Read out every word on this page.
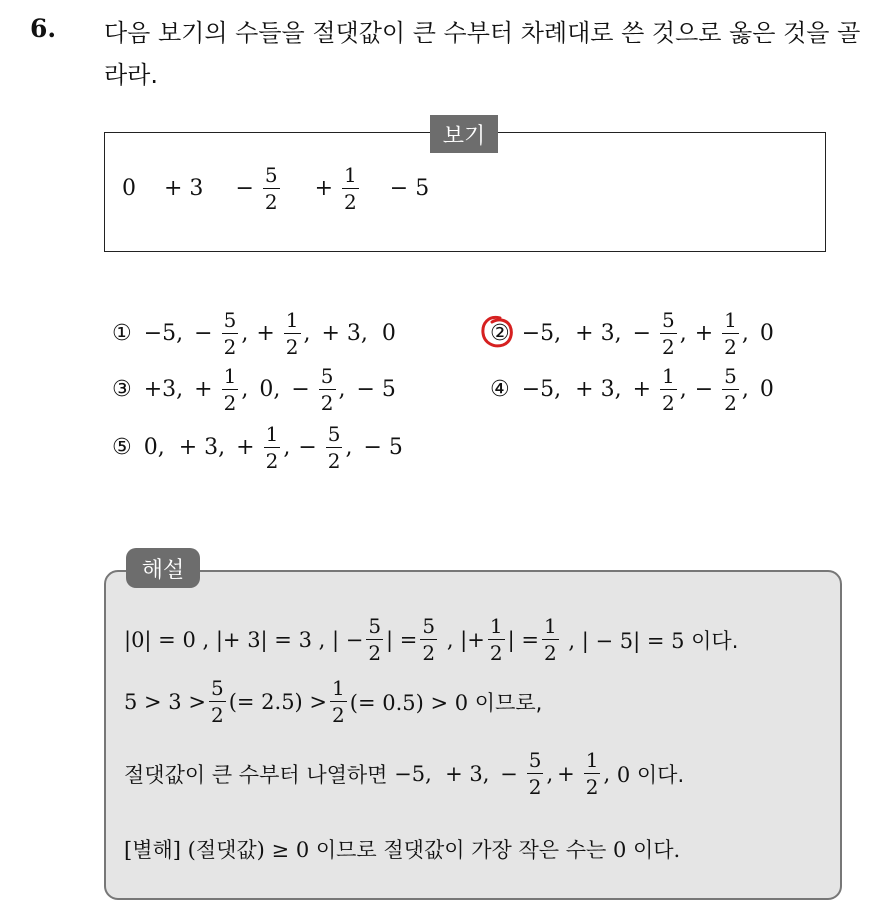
6. 다음 보기의 수들을 절댓값이 큰 수부터 차례대로 쓴 것으로 옳은 것을 골라라.
보기
$0 + 3 - \frac{5}{2} + \frac{1}{2} - 5$
① −5,
− $\frac{5}{2}$ , + $\frac{1}{2}$ , + 3,  0	② −5,  + 3,
− $\frac{5}{2}$ , + $\frac{1}{2}$ , 0
③ +3,
+ $\frac{1}{2}$ , 0, − $\frac{5}{2}$ , − 5	④ −5,  + 3,
+ $\frac{1}{2}$ , − $\frac{5}{2}$ , 0
⑤ 0,  + 3,
+ $\frac{1}{2}$ , − $\frac{5}{2}$ , − 5
해설
|0| = 0 , |+ 3| = 3 , | − $\frac{5}{2}$ | = $\frac{5}{2}$ , |+ $\frac{1}{2}$ | = $\frac{1}{2}$ , | − 5| = 5 이다.
$5 > 3 > \frac{5}{2}$ (= $2.5) > \frac{1}{2}$ (= 0.5) > 0 이므로,
절댓값이 큰 수부터 나열하면 −5,  + 3, − $\frac{5}{2}$ , + $\frac{1}{2}$ , 0 이다.
[별해] (절댓값) ≥ 0 이므로 절댓값이 가장 작은 수는 0 이다.
